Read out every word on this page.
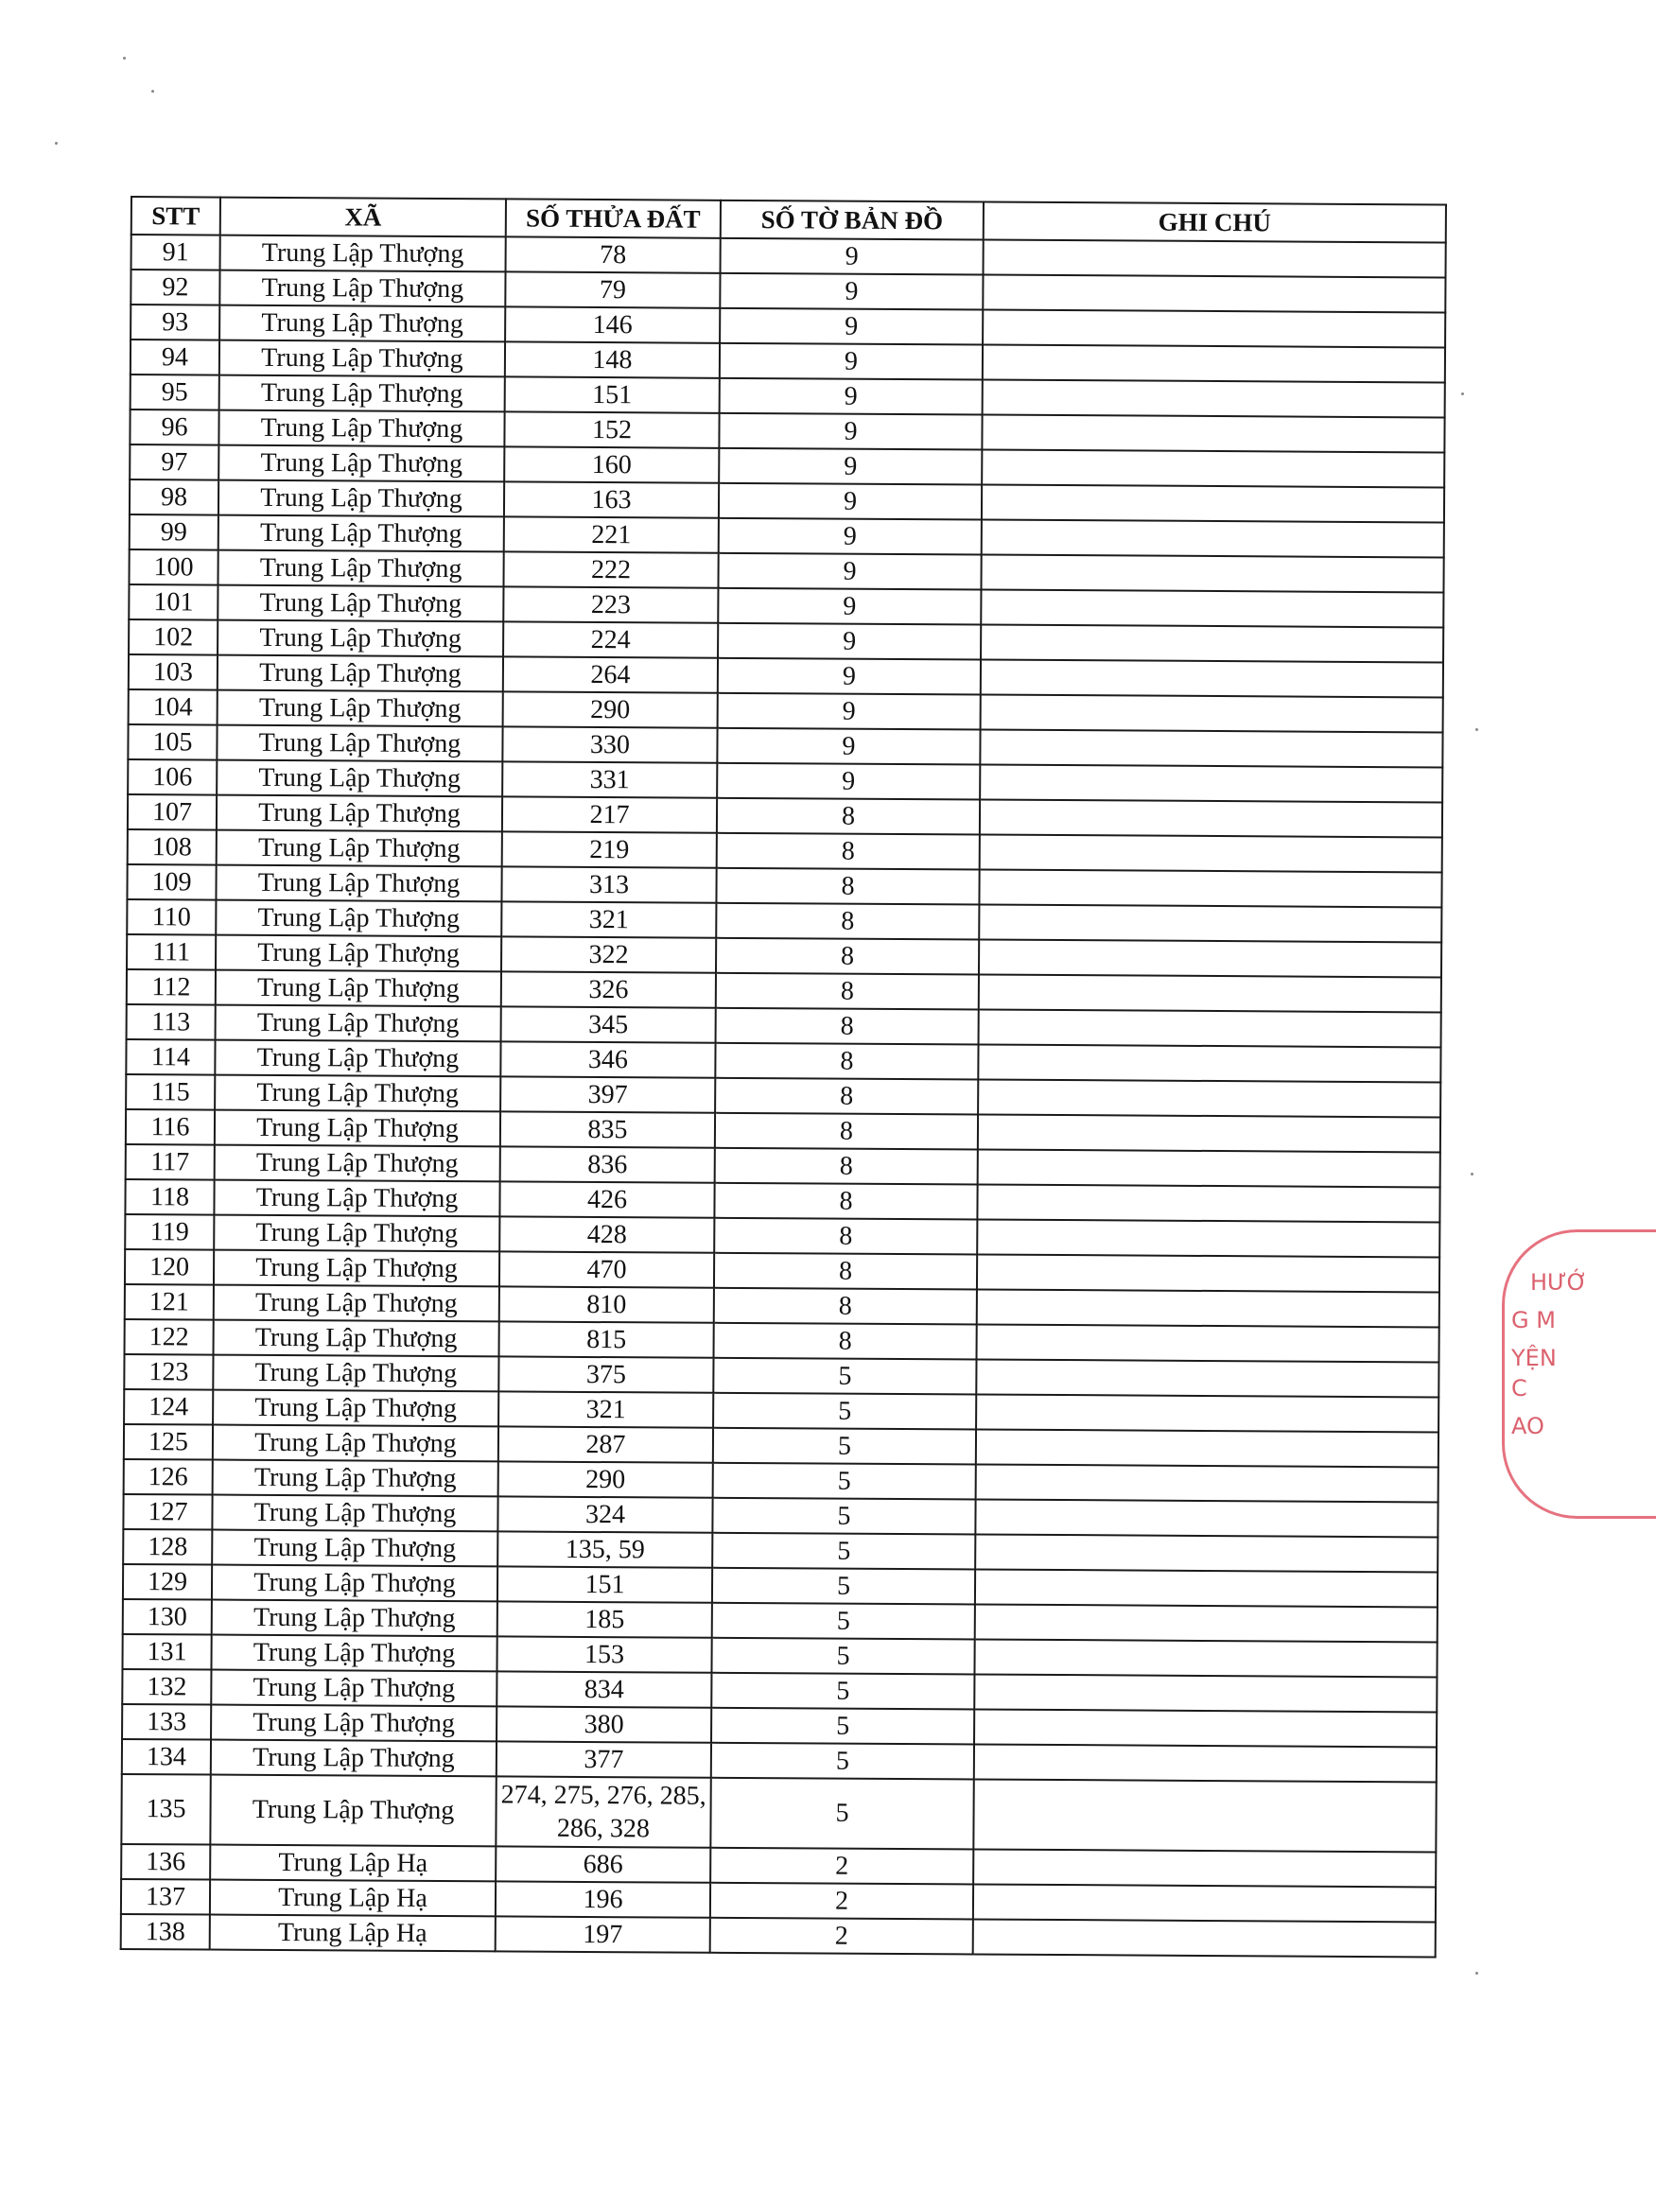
STT	XÃ	SỐ THỬA ĐẤT	SỐ TỜ BẢN ĐỒ	GHI CHÚ
91	Trung Lập Thượng	78	9	
92	Trung Lập Thượng	79	9	
93	Trung Lập Thượng	146	9	
94	Trung Lập Thượng	148	9	
95	Trung Lập Thượng	151	9	
96	Trung Lập Thượng	152	9	
97	Trung Lập Thượng	160	9	
98	Trung Lập Thượng	163	9	
99	Trung Lập Thượng	221	9	
100	Trung Lập Thượng	222	9	
101	Trung Lập Thượng	223	9	
102	Trung Lập Thượng	224	9	
103	Trung Lập Thượng	264	9	
104	Trung Lập Thượng	290	9	
105	Trung Lập Thượng	330	9	
106	Trung Lập Thượng	331	9	
107	Trung Lập Thượng	217	8	
108	Trung Lập Thượng	219	8	
109	Trung Lập Thượng	313	8	
110	Trung Lập Thượng	321	8	
111	Trung Lập Thượng	322	8	
112	Trung Lập Thượng	326	8	
113	Trung Lập Thượng	345	8	
114	Trung Lập Thượng	346	8	
115	Trung Lập Thượng	397	8	
116	Trung Lập Thượng	835	8	
117	Trung Lập Thượng	836	8	
118	Trung Lập Thượng	426	8	
119	Trung Lập Thượng	428	8	
120	Trung Lập Thượng	470	8	
121	Trung Lập Thượng	810	8	
122	Trung Lập Thượng	815	8	
123	Trung Lập Thượng	375	5	
124	Trung Lập Thượng	321	5	
125	Trung Lập Thượng	287	5	
126	Trung Lập Thượng	290	5	
127	Trung Lập Thượng	324	5	
128	Trung Lập Thượng	135, 59	5	
129	Trung Lập Thượng	151	5	
130	Trung Lập Thượng	185	5	
131	Trung Lập Thượng	153	5	
132	Trung Lập Thượng	834	5	
133	Trung Lập Thượng	380	5	
134	Trung Lập Thượng	377	5	
135	Trung Lập Thượng	274, 275, 276, 285, 286, 328	5	
136	Trung Lập Hạ	686	2	
137	Trung Lập Hạ	196	2	
138	Trung Lập Hạ	197	2	
HƯỚ
G M
YỆN C
AO
